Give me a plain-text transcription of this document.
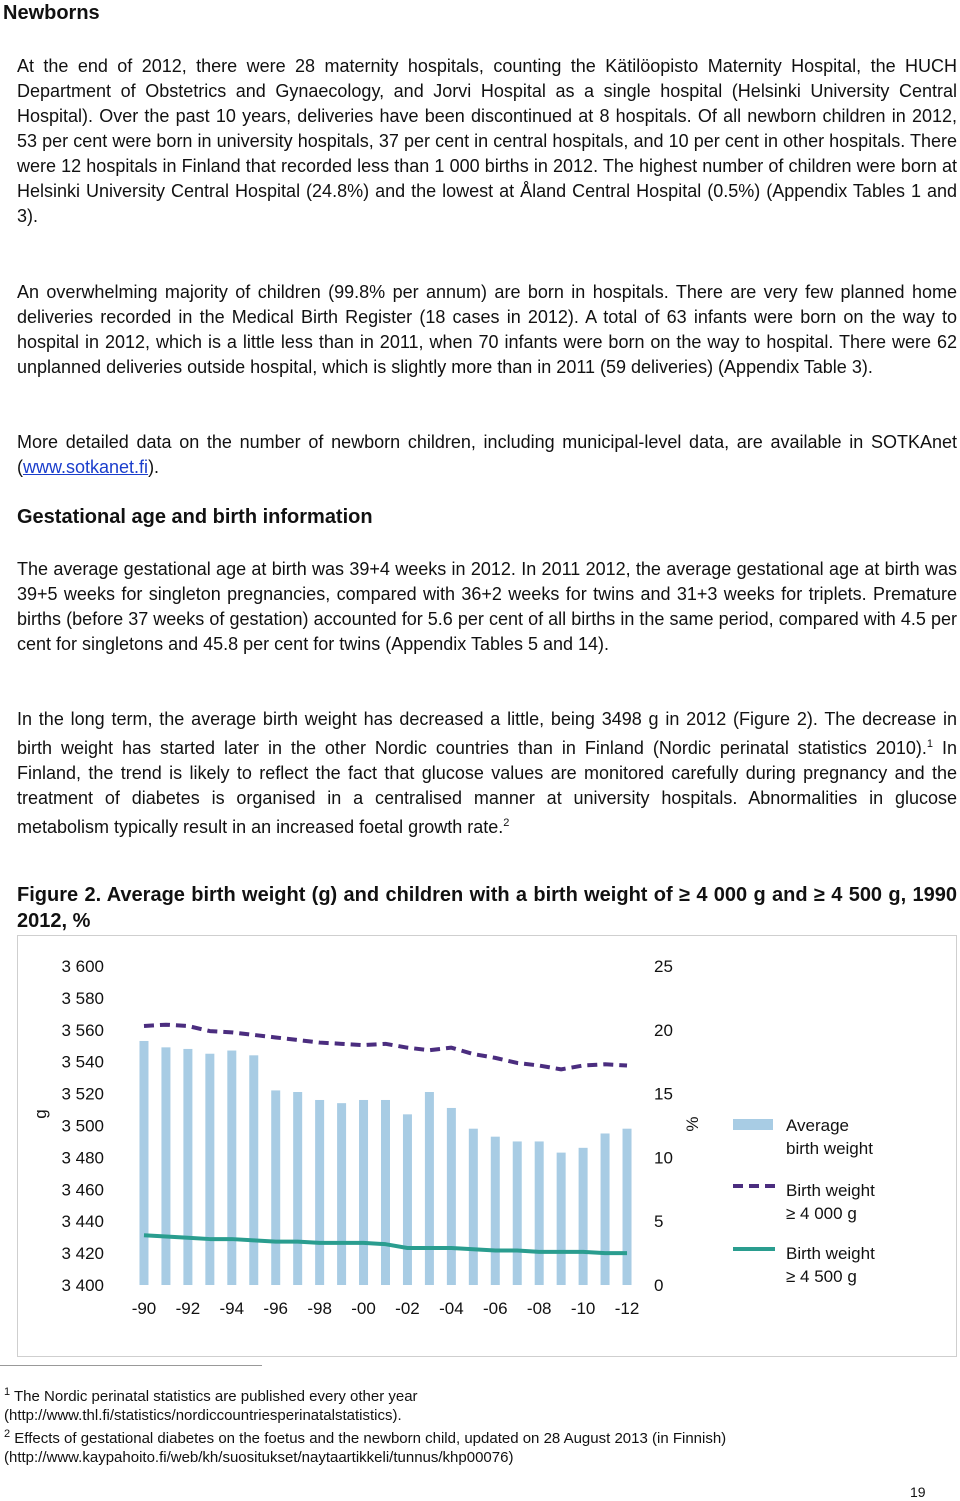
Newborns

At the end of 2012, there were 28 maternity hospitals, counting the Kätilöopisto Maternity Hospital, the HUCH Department of Obstetrics and Gynaecology, and Jorvi Hospital as a single hospital (Helsinki University Central Hospital). Over the past 10 years, deliveries have been discontinued at 8 hospitals. Of all newborn children in 2012, 53 per cent were born in university hospitals, 37 per cent in central hospitals, and 10 per cent in other hospitals. There were 12 hospitals in Finland that recorded less than 1 000 births in 2012. The highest number of children were born at Helsinki University Central Hospital (24.8%) and the lowest at Åland Central Hospital (0.5%) (Appendix Tables 1 and 3).

An overwhelming majority of children (99.8% per annum) are born in hospitals. There are very few planned home deliveries recorded in the Medical Birth Register (18 cases in 2012). A total of 63 infants were born on the way to hospital in 2012, which is a little less than in 2011, when 70 infants were born on the way to hospital. There were 62 unplanned deliveries outside hospital, which is slightly more than in 2011 (59 deliveries) (Appendix Table 3).

More detailed data on the number of newborn children, including municipal-level data, are available in SOTKAnet (www.sotkanet.fi).

Gestational age and birth information

The average gestational age at birth was 39+4 weeks in 2012. In 2011 2012, the average gestational age at birth was 39+5 weeks for singleton pregnancies, compared with 36+2 weeks for twins and 31+3 weeks for triplets. Premature births (before 37 weeks of gestation) accounted for 5.6 per cent of all births in the same period, compared with 4.5 per cent for singletons and 45.8 per cent for twins (Appendix Tables 5 and 14).

In the long term, the average birth weight has decreased a little, being 3498 g in 2012 (Figure 2). The decrease in birth weight has started later in the other Nordic countries than in Finland (Nordic perinatal statistics 2010).$^1$ In Finland, the trend is likely to reflect the fact that glucose values are monitored carefully during pregnancy and the treatment of diabetes is organised in a centralised manner at university hospitals. Abnormalities in glucose metabolism typically result in an increased foetal growth rate.$^2$

Figure 2. Average birth weight (g) and children with a birth weight of ≥ 4 000 g and ≥ 4 500 g, 1990 2012, %
3 400
3 420
3 440
3 460
3 480
3 500
3 520
3 540
3 560
3 580
3 600
0
5
10
15
20
25
g
%
-90 -92 -94 -96 -98 -00 -02 -04 -06 -08 -10 -12
Average
birth weight
Birth weight
≥ 4 000 g
Birth weight
≥ 4 500 g
$^1$ The Nordic perinatal statistics are published every other year
(http://www.thl.fi/statistics/nordiccountriesperinatalstatistics).
$^2$ Effects of gestational diabetes on the foetus and the newborn child, updated on 28 August 2013 (in Finnish)
(http://www.kaypahoito.fi/web/kh/suositukset/naytaartikkeli/tunnus/khp00076)
19
